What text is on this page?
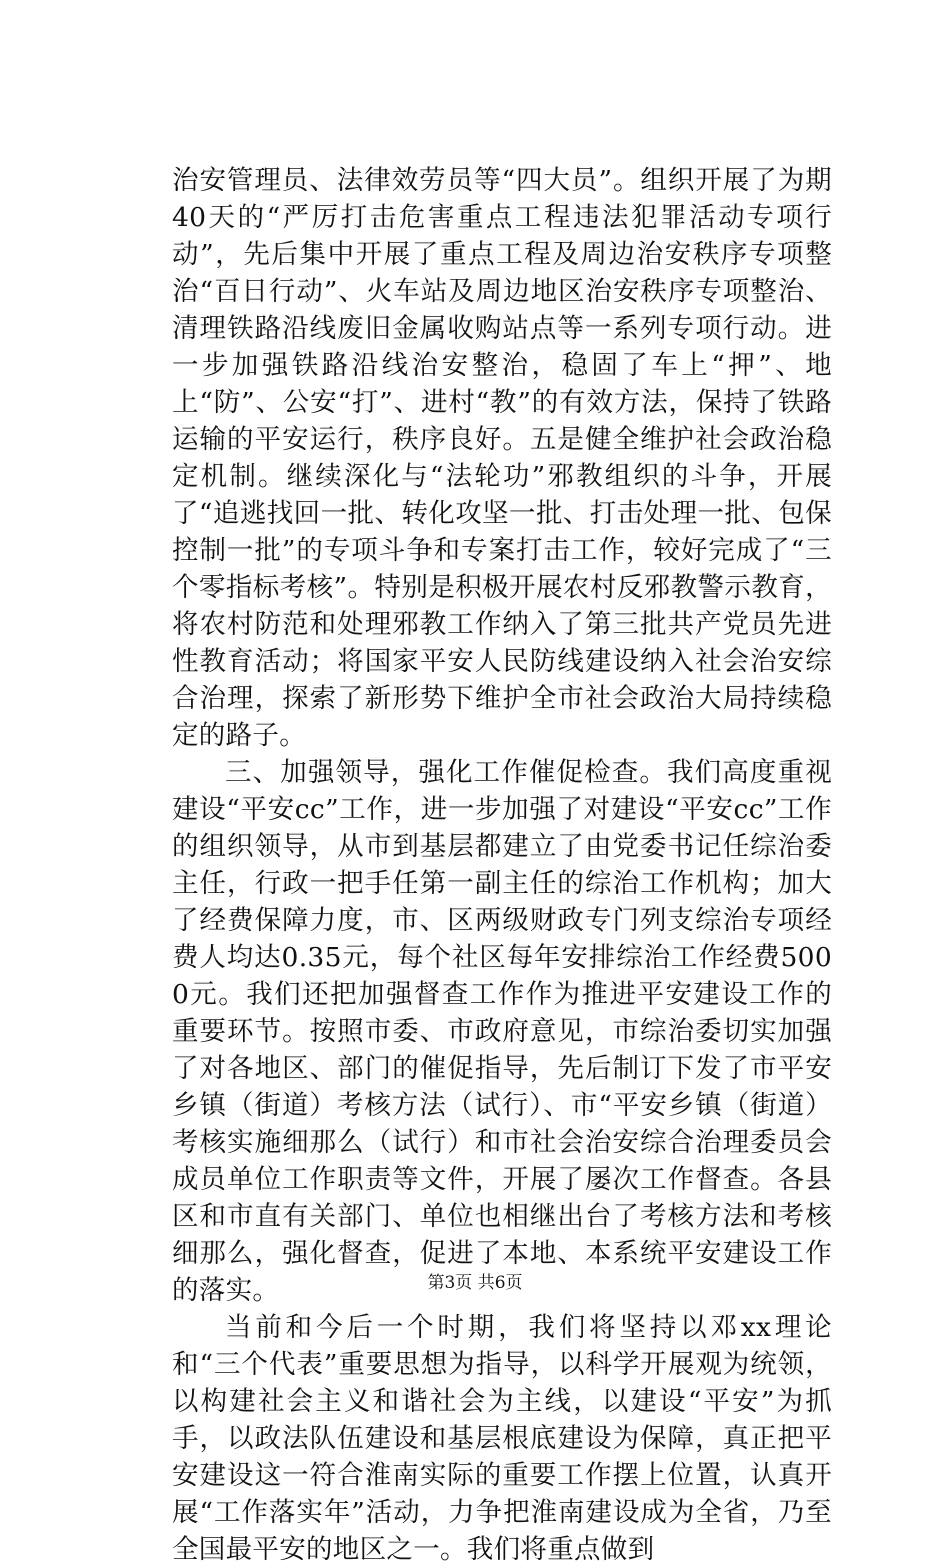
治安管理员、法律效劳员等“四大员”。组织开展了为期40天的“严厉打击危害重点工程违法犯罪活动专项行动”，先后集中开展了重点工程及周边治安秩序专项整治“百日行动”、火车站及周边地区治安秩序专项整治、清理铁路沿线废旧金属收购站点等一系列专项行动。进一步加强铁路沿线治安整治，稳固了车上“押”、地上“防”、公安“打”、进村“教”的有效方法，保持了铁路运输的平安运行，秩序良好。五是健全维护社会政治稳定机制。继续深化与“法轮功”邪教组织的斗争，开展了“追逃找回一批、转化攻坚一批、打击处理一批、包保控制一批”的专项斗争和专案打击工作，较好完成了“三个零指标考核”。特别是积极开展农村反邪教警示教育，将农村防范和处理邪教工作纳入了第三批共产党员先进性教育活动；将国家平安人民防线建设纳入社会治安综合治理，探索了新形势下维护全市社会政治大局持续稳定的路子。

三、加强领导，强化工作催促检查。我们高度重视建设“平安cc”工作，进一步加强了对建设“平安cc”工作的组织领导，从市到基层都建立了由党委书记任综治委主任，行政一把手任第一副主任的综治工作机构；加大了经费保障力度，市、区两级财政专门列支综治专项经费人均达0.35元，每个社区每年安排综治工作经费5000元。我们还把加强督查工作作为推进平安建设工作的重要环节。按照市委、市政府意见，市综治委切实加强了对各地区、部门的催促指导，先后制订下发了市平安乡镇（街道）考核方法（试行）、市“平安乡镇（街道）考核实施细那么（试行）和市社会治安综合治理委员会成员单位工作职责等文件，开展了屡次工作督查。各县区和市直有关部门、单位也相继出台了考核方法和考核细那么，强化督查，促进了本地、本系统平安建设工作的落实。

当前和今后一个时期，我们将坚持以邓xx理论和“三个代表”重要思想为指导，以科学开展观为统领，以构建社会主义和谐社会为主线，以建设“平安”为抓手，以政法队伍建设和基层根底建设为保障，真正把平安建设这一符合淮南实际的重要工作摆上位置，认真开展“工作落实年”活动，力争把淮南建设成为全省，乃至全国最平安的地区之一。我们将重点做到

第3页 共6页
